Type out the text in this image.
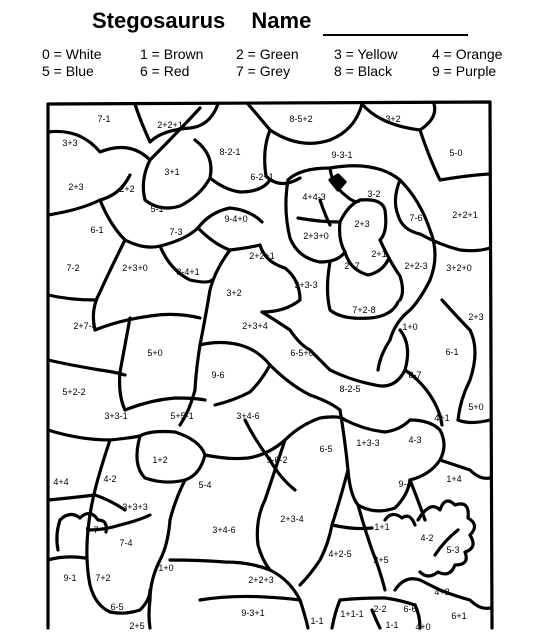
Stegosaurus Name
0 = White	1 = Brown	2 = Green	3 = Yellow	4 = Orange
5 = Blue	6 = Red	7 = Grey	8 = Black	9 = Purple
7-1
2+2+1
8-5+2	3+2
3+3
8-2-1	9-3-1	5-0
3+1	6-2+1
2+3	2+2
4+4-3	3-2
5-1
9-4+0	7-6	2+2+1
6-1	7-3	2+3+0
2+3
2+1
7-2	2+3+0	8-4+1
2+2+1
2+7	2+2-3 3+2+0
3+3-3
3+2
7+2-8
2+3
2+7-4	2+3+4	1+0
5+0	6-5+0	6-1
9-6	8-7
5+2-2	8-2-5
5+0
3+3-1	5+5-1	3+4-6	4+1
4-3
1+3-3
6-5
1+2	9-6-2
4+4	4-2
5-4	9-4	1+4
3+3+3
9-7	3+4-6
2+3-4
1+1
4-2
7-4
5-3
4+2-5
2+5
9-1 7+2
1+0
2+2+3
4+3
6-5
9-3+1	2-2 6-6
6+1
1+1-1
2+5	1-1	1-1 4+0
